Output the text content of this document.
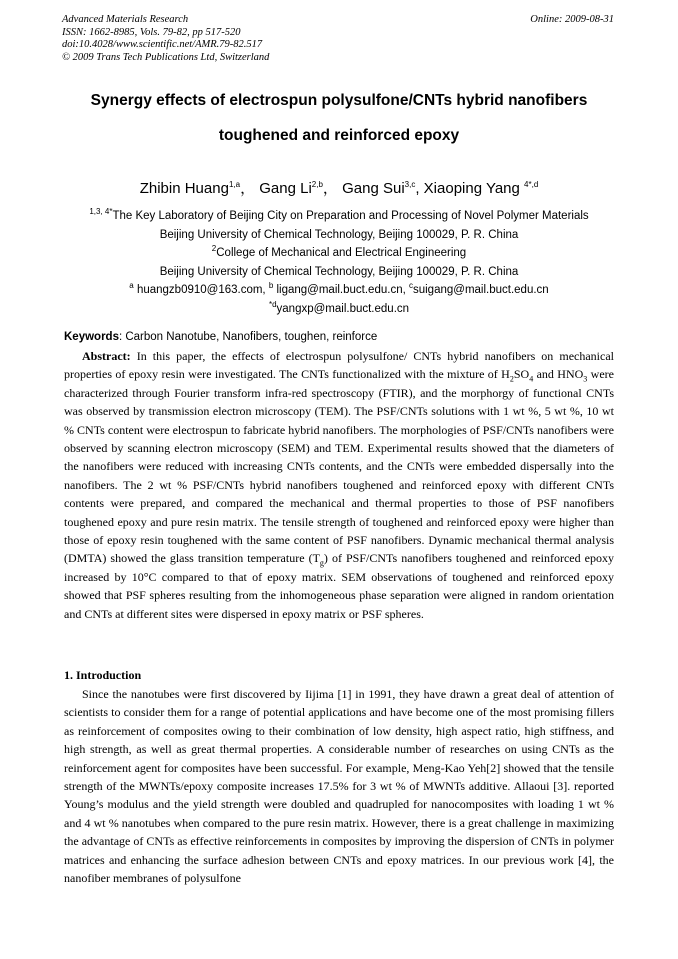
Advanced Materials Research
ISSN: 1662-8985, Vols. 79-82, pp 517-520
doi:10.4028/www.scientific.net/AMR.79-82.517
© 2009 Trans Tech Publications Ltd, Switzerland
Online: 2009-08-31
Synergy effects of electrospun polysulfone/CNTs hybrid nanofibers
toughened and reinforced epoxy
Zhibin Huang$^{1,a}$， Gang Li$^{2,b}$， Gang Sui$^{3,c}$, Xiaoping Yang $^{4*,d}$
$^{1,3, 4*}$The Key Laboratory of Beijing City on Preparation and Processing of Novel Polymer Materials
Beijing University of Chemical Technology, Beijing 100029, P. R. China
$^2$College of Mechanical and Electrical Engineering
Beijing University of Chemical Technology, Beijing 100029, P. R. China
$^a$ huangzb0910@163.com, $^b$ ligang@mail.buct.edu.cn, $^c$suigang@mail.buct.edu.cn
$^{*d}$yangxp@mail.buct.edu.cn
Keywords: Carbon Nanotube, Nanofibers, toughen, reinforce

Abstract: In this paper, the effects of electrospun polysulfone/ CNTs hybrid nanofibers on mechanical properties of epoxy resin were investigated. The CNTs functionalized with the mixture of $H_2SO_4$ and $HNO_3$ were characterized through Fourier transform infra-red spectroscopy (FTIR), and the morphorgy of functional CNTs was observed by transmission electron microscopy (TEM). The PSF/CNTs solutions with 1 wt %, 5 wt %, 10 wt % CNTs content were electrospun to fabricate hybrid nanofibers. The morphologies of PSF/CNTs nanofibers were observed by scanning electron microscopy (SEM) and TEM. Experimental results showed that the diameters of the nanofibers were reduced with increasing CNTs contents, and the CNTs were embedded dispersally into the nanofibers. The 2 wt % PSF/CNTs hybrid nanofibers toughened and reinforced epoxy with different CNTs contents were prepared, and compared the mechanical and thermal properties to those of PSF nanofibers toughened epoxy and pure resin matrix. The tensile strength of toughened and reinforced epoxy were higher than those of epoxy resin toughened with the same content of PSF nanofibers. Dynamic mechanical thermal analysis (DMTA) showed the glass transition temperature $(T_g)$ of PSF/CNTs nanofibers toughened and reinforced epoxy increased by 10°C compared to that of epoxy matrix. SEM observations of toughened and reinforced epoxy showed that PSF spheres resulting from the inhomogeneous phase separation were aligned in random orientation and CNTs at different sites were dispersed in epoxy matrix or PSF spheres.

1. Introduction

Since the nanotubes were first discovered by Iijima [1] in 1991, they have drawn a great deal of attention of scientists to consider them for a range of potential applications and have become one of the most promising fillers as reinforcement of composites owing to their combination of low density, high aspect ratio, high stiffness, and high strength, as well as great thermal properties. A considerable number of researches on using CNTs as the reinforcement agent for composites have been successful. For example, Meng-Kao Yeh[2] showed that the tensile strength of the MWNTs/epoxy composite increases 17.5% for 3 wt % of MWNTs additive. Allaoui [3]. reported Young’s modulus and the yield strength were doubled and quadrupled for nanocomposites with loading 1 wt % and 4 wt % nanotubes when compared to the pure resin matrix. However, there is a great challenge in maximizing the advantage of CNTs as effective reinforcements in composites by improving the dispersion of CNTs in polymer matrices and enhancing the surface adhesion between CNTs and epoxy matrices. In our previous work [4], the nanofiber membranes of polysulfone
